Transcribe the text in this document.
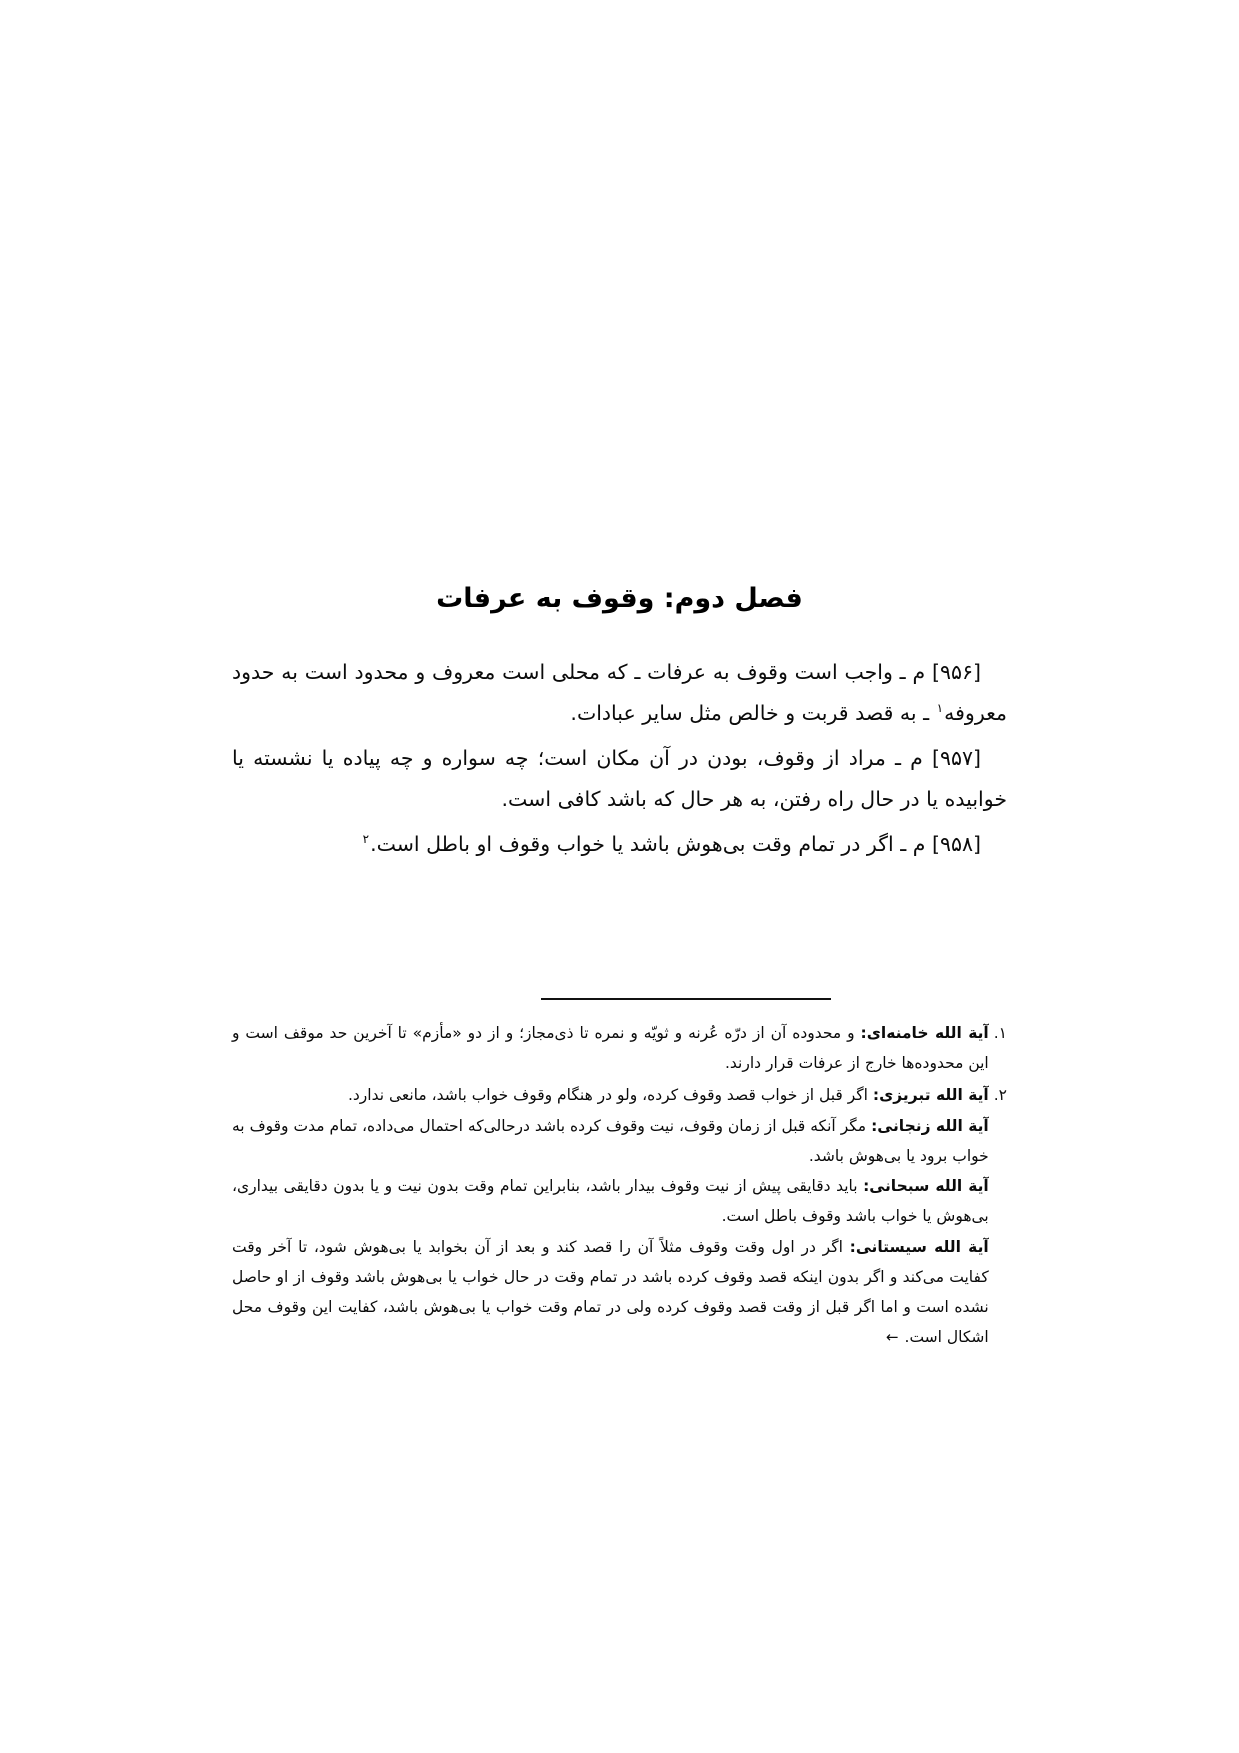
فصل دوم: وقوف به عرفات

[۹۵۶] م ـ واجب است وقوف به عرفات ـ که محلی است معروف و محدود است به حدود معروفه$^۱$ ـ به قصد قربت و خالص مثل سایر عبادات.

[۹۵۷] م ـ مراد از وقوف، بودن در آن مکان است؛ چه سواره و چه پیاده یا نشسته یا خوابیده یا در حال راه رفتن، به هر حال که باشد کافی است.

[۹۵۸] م ـ اگر در تمام وقت بی‌هوش باشد یا خواب وقوف او باطل است.$^۲$

۱.

آیة الله خامنه‌ای: و محدوده آن از درّه عُرنه و ثویّه و نمره تا ذی‌مجاز؛ و از دو «مأزم» تا آخرین حد موقف است و این محدوده‌ها خارج از عرفات قرار دارند.

۲.

آیة الله تبریزی: اگر قبل از خواب قصد وقوف کرده، ولو در هنگام وقوف خواب باشد، مانعی ندارد.

آیة الله زنجانی: مگر آنکه قبل از زمان وقوف، نیت وقوف کرده باشد درحالی‌که احتمال می‌داده، تمام مدت وقوف به خواب برود یا بی‌هوش باشد.

آیة الله سبحانی: باید دقایقی پیش از نیت وقوف بیدار باشد، بنابراین تمام وقت بدون نیت و یا بدون دقایقی بیداری، بی‌هوش یا خواب باشد وقوف باطل است.

آیة الله سیستانی: اگر در اول وقت وقوف مثلاً آن را قصد کند و بعد از آن بخوابد یا بی‌هوش شود، تا آخر وقت کفایت می‌کند و اگر بدون اینکه قصد وقوف کرده باشد در تمام وقت در حال خواب یا بی‌هوش باشد وقوف از او حاصل نشده است و اما اگر قبل از وقت قصد وقوف کرده ولی در تمام وقت خواب یا بی‌هوش باشد، کفایت این وقوف محل اشکال است.←
